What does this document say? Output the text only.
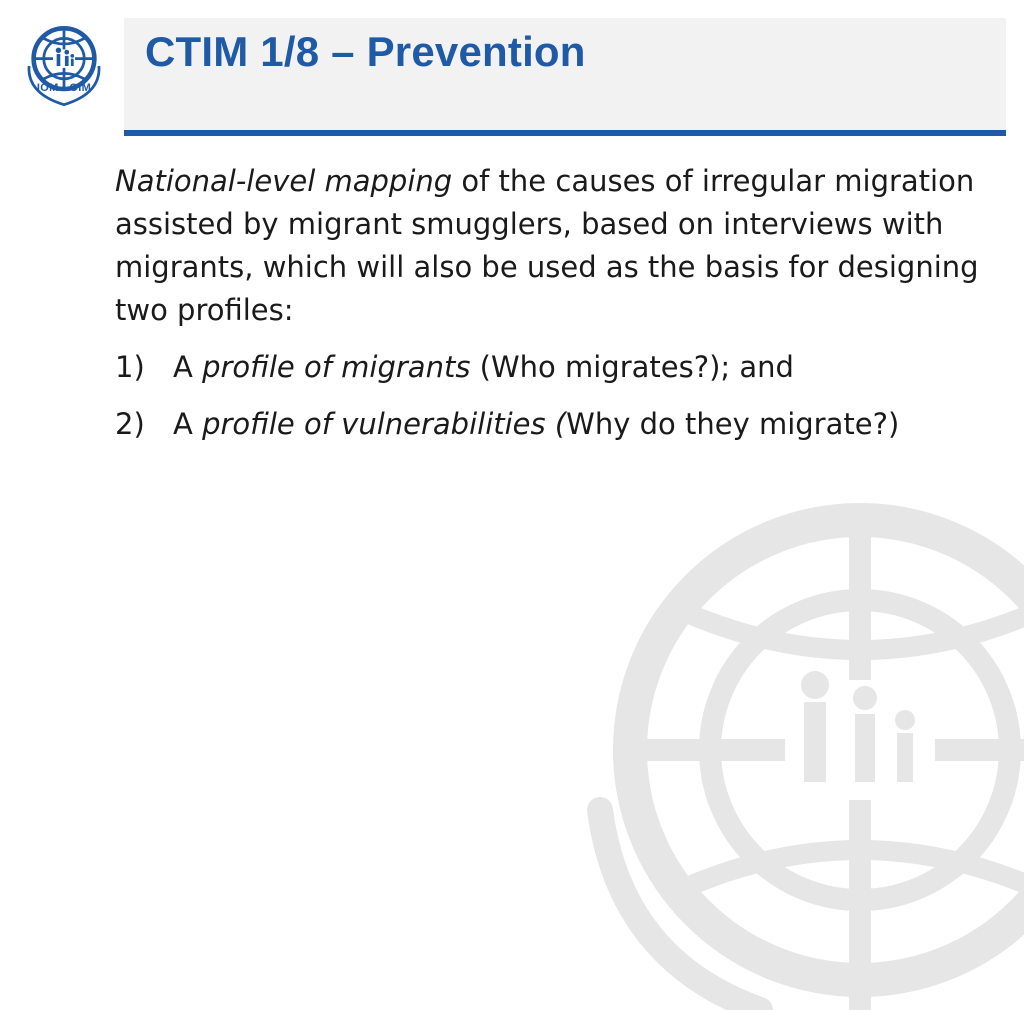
IOM • OIM
CTIM 1/8 – Prevention

National-level mapping of the causes of irregular migration assisted by migrant smugglers, based on interviews with migrants, which will also be used as the basis for designing two profiles:

1) A profile of migrants (Who migrates?); and
2) A profile of vulnerabilities (Why do they migrate?)
